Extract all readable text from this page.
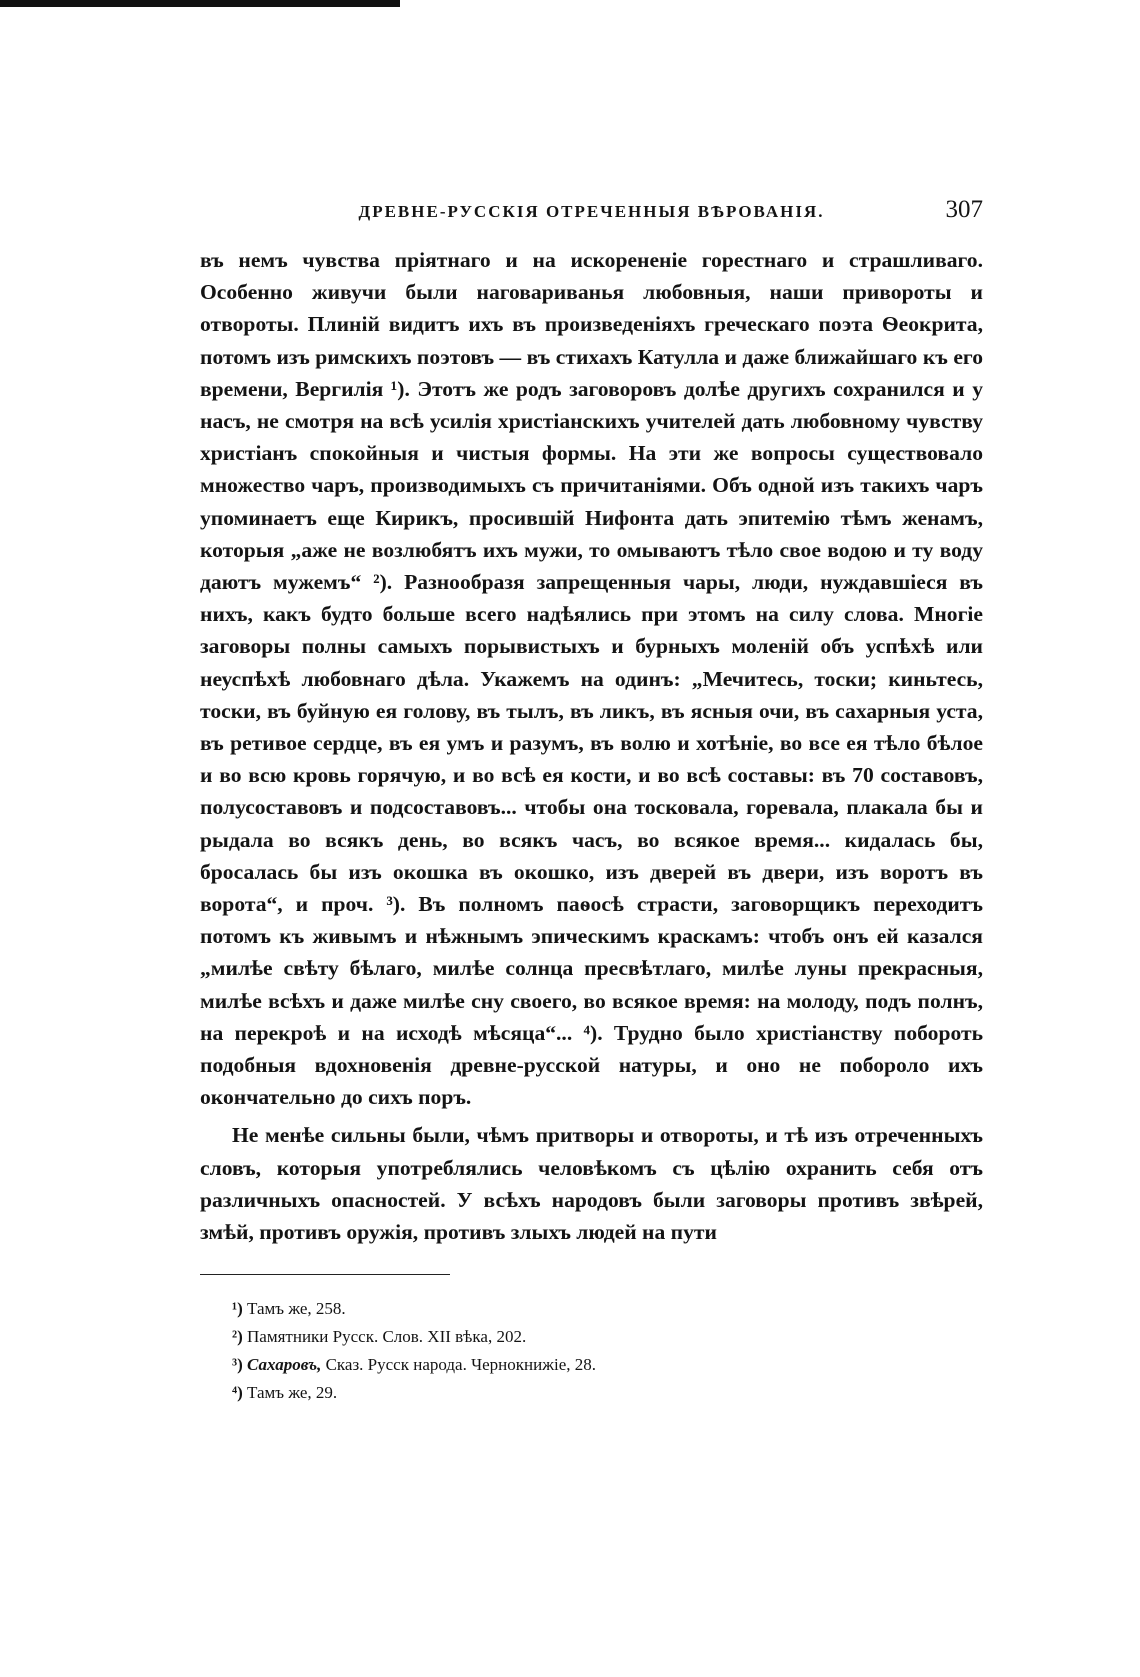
ДРЕВНЕ-РУССКІЯ ОТРЕЧЕННЫЯ ВѢРОВАНІЯ.	307

въ немъ чувства пріятнаго и на искорененіе горестнаго и страшливаго. Особенно живучи были наговариванья любовныя, наши привороты и отвороты. Плиній видитъ ихъ въ произведеніяхъ греческаго поэта Ѳеокрита, потомъ изъ римскихъ поэтовъ — въ стихахъ Катулла и даже ближайшаго къ его времени, Вергилія ¹). Этотъ же родъ заговоровъ долѣе другихъ сохранился и у насъ, не смотря на всѣ усилія христіанскихъ учителей дать любовному чувству христіанъ спокойныя и чистыя формы. На эти же вопросы существовало множество чаръ, производимыхъ съ причитаніями. Объ одной изъ такихъ чаръ упоминаетъ еще Кирикъ, просившій Нифонта дать эпитемію тѣмъ женамъ, которыя „аже не возлюбятъ ихъ мужи, то омываютъ тѣло свое водою и ту воду даютъ мужемъ“ ²). Разнообразя запрещенныя чары, люди, нуждавшіеся въ нихъ, какъ будто больше всего надѣялись при этомъ на силу слова. Многіе заговоры полны самыхъ порывистыхъ и бурныхъ моленій объ успѣхѣ или неуспѣхѣ любовнаго дѣла. Укажемъ на одинъ: „Мечитесь, тоски; киньтесь, тоски, въ буйную ея голову, въ тылъ, въ ликъ, въ ясныя очи, въ сахарныя уста, въ ретивое сердце, въ ея умъ и разумъ, въ волю и хотѣніе, во все ея тѣло бѣлое и во всю кровь горячую, и во всѣ ея кости, и во всѣ составы: въ 70 составовъ, полусоставовъ и подсоставовъ... чтобы она тосковала, горевала, плакала бы и рыдала во всякъ день, во всякъ часъ, во всякое время... кидалась бы, бросалась бы изъ окошка въ окошко, изъ дверей въ двери, изъ воротъ въ ворота“, и проч. ³). Въ полномъ паѳосѣ страсти, заговорщикъ переходитъ потомъ къ живымъ и нѣжнымъ эпическимъ краскамъ: чтобъ онъ ей казался „милѣе свѣту бѣлаго, милѣе солнца пресвѣтлаго, милѣе луны прекрасныя, милѣе всѣхъ и даже милѣе сну своего, во всякое время: на молоду, подъ полнъ, на перекроѣ и на исходѣ мѣсяца“... ⁴). Трудно было христіанству побороть подобныя вдохновенія древне-русской натуры, и оно не побороло ихъ окончательно до сихъ поръ.

Не менѣе сильны были, чѣмъ притворы и отвороты, и тѣ изъ отреченныхъ словъ, которыя употреблялись человѣкомъ съ цѣлію охранить себя отъ различныхъ опасностей. У всѣхъ народовъ были заговоры противъ звѣрей, змѣй, противъ оружія, противъ злыхъ людей на пути

¹) Тамъ же, 258.
²) Памятники Русск. Слов. XII вѣка, 202.
³) Сахаровъ, Сказ. Русск народа. Чернокнижіе, 28.
⁴) Тамъ же, 29.
